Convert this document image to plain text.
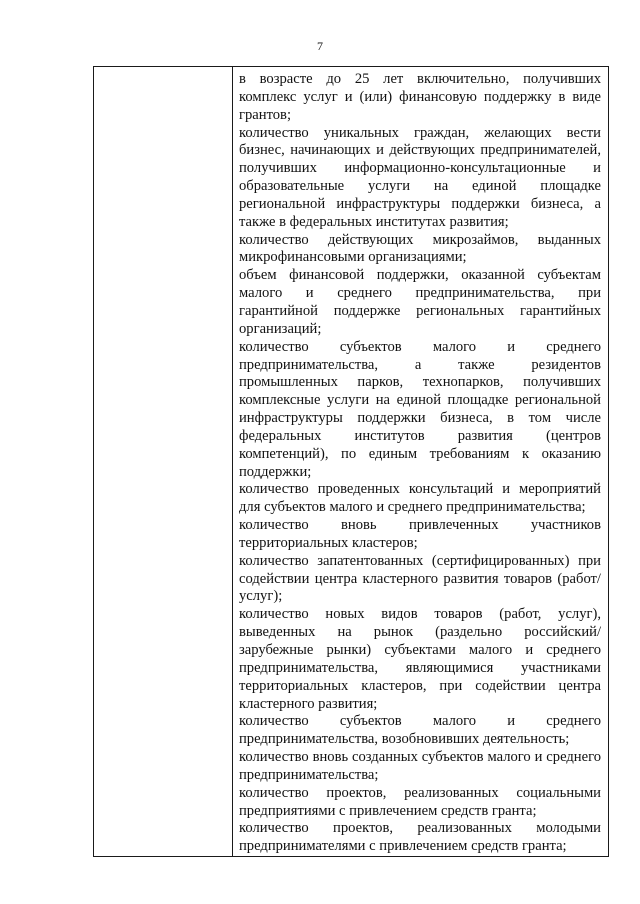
7

в возрасте до 25 лет включительно, получивших комплекс услуг и (или) финансовую поддержку в виде грантов;

количество уникальных граждан, желающих вести бизнес, начинающих и действующих предпринимателей, получивших информационно-консультационные и образовательные услуги на единой площадке региональной инфраструктуры поддержки бизнеса, а также в федеральных институтах развития;

количество действующих микрозаймов, выданных микрофинансовыми организациями;

объем финансовой поддержки, оказанной субъектам малого и среднего предпринимательства, при гарантийной поддержке региональных гарантийных организаций;

количество субъектов малого и среднего предпринимательства, а также резидентов промышленных парков, технопарков, получивших комплексные услуги на единой площадке региональной инфраструктуры поддержки бизнеса, в том числе федеральных институтов развития (центров компетенций), по единым требованиям к оказанию поддержки;

количество проведенных консультаций и мероприятий для субъектов малого и среднего предпринимательства;

количество вновь привлеченных участников территориальных кластеров;

количество запатентованных (сертифицированных) при содействии центра кластерного развития товаров (работ/услуг);

количество новых видов товаров (работ, услуг), выведенных на рынок (раздельно российский/зарубежные рынки) субъектами малого и среднего предпринимательства, являющимися участниками территориальных кластеров, при содействии центра кластерного развития;

количество субъектов малого и среднего предпринимательства, возобновивших деятельность;

количество вновь созданных субъектов малого и среднего предпринимательства;

количество проектов, реализованных социальными предприятиями с привлечением средств гранта;

количество проектов, реализованных молодыми предпринимателями с привлечением средств гранта;
